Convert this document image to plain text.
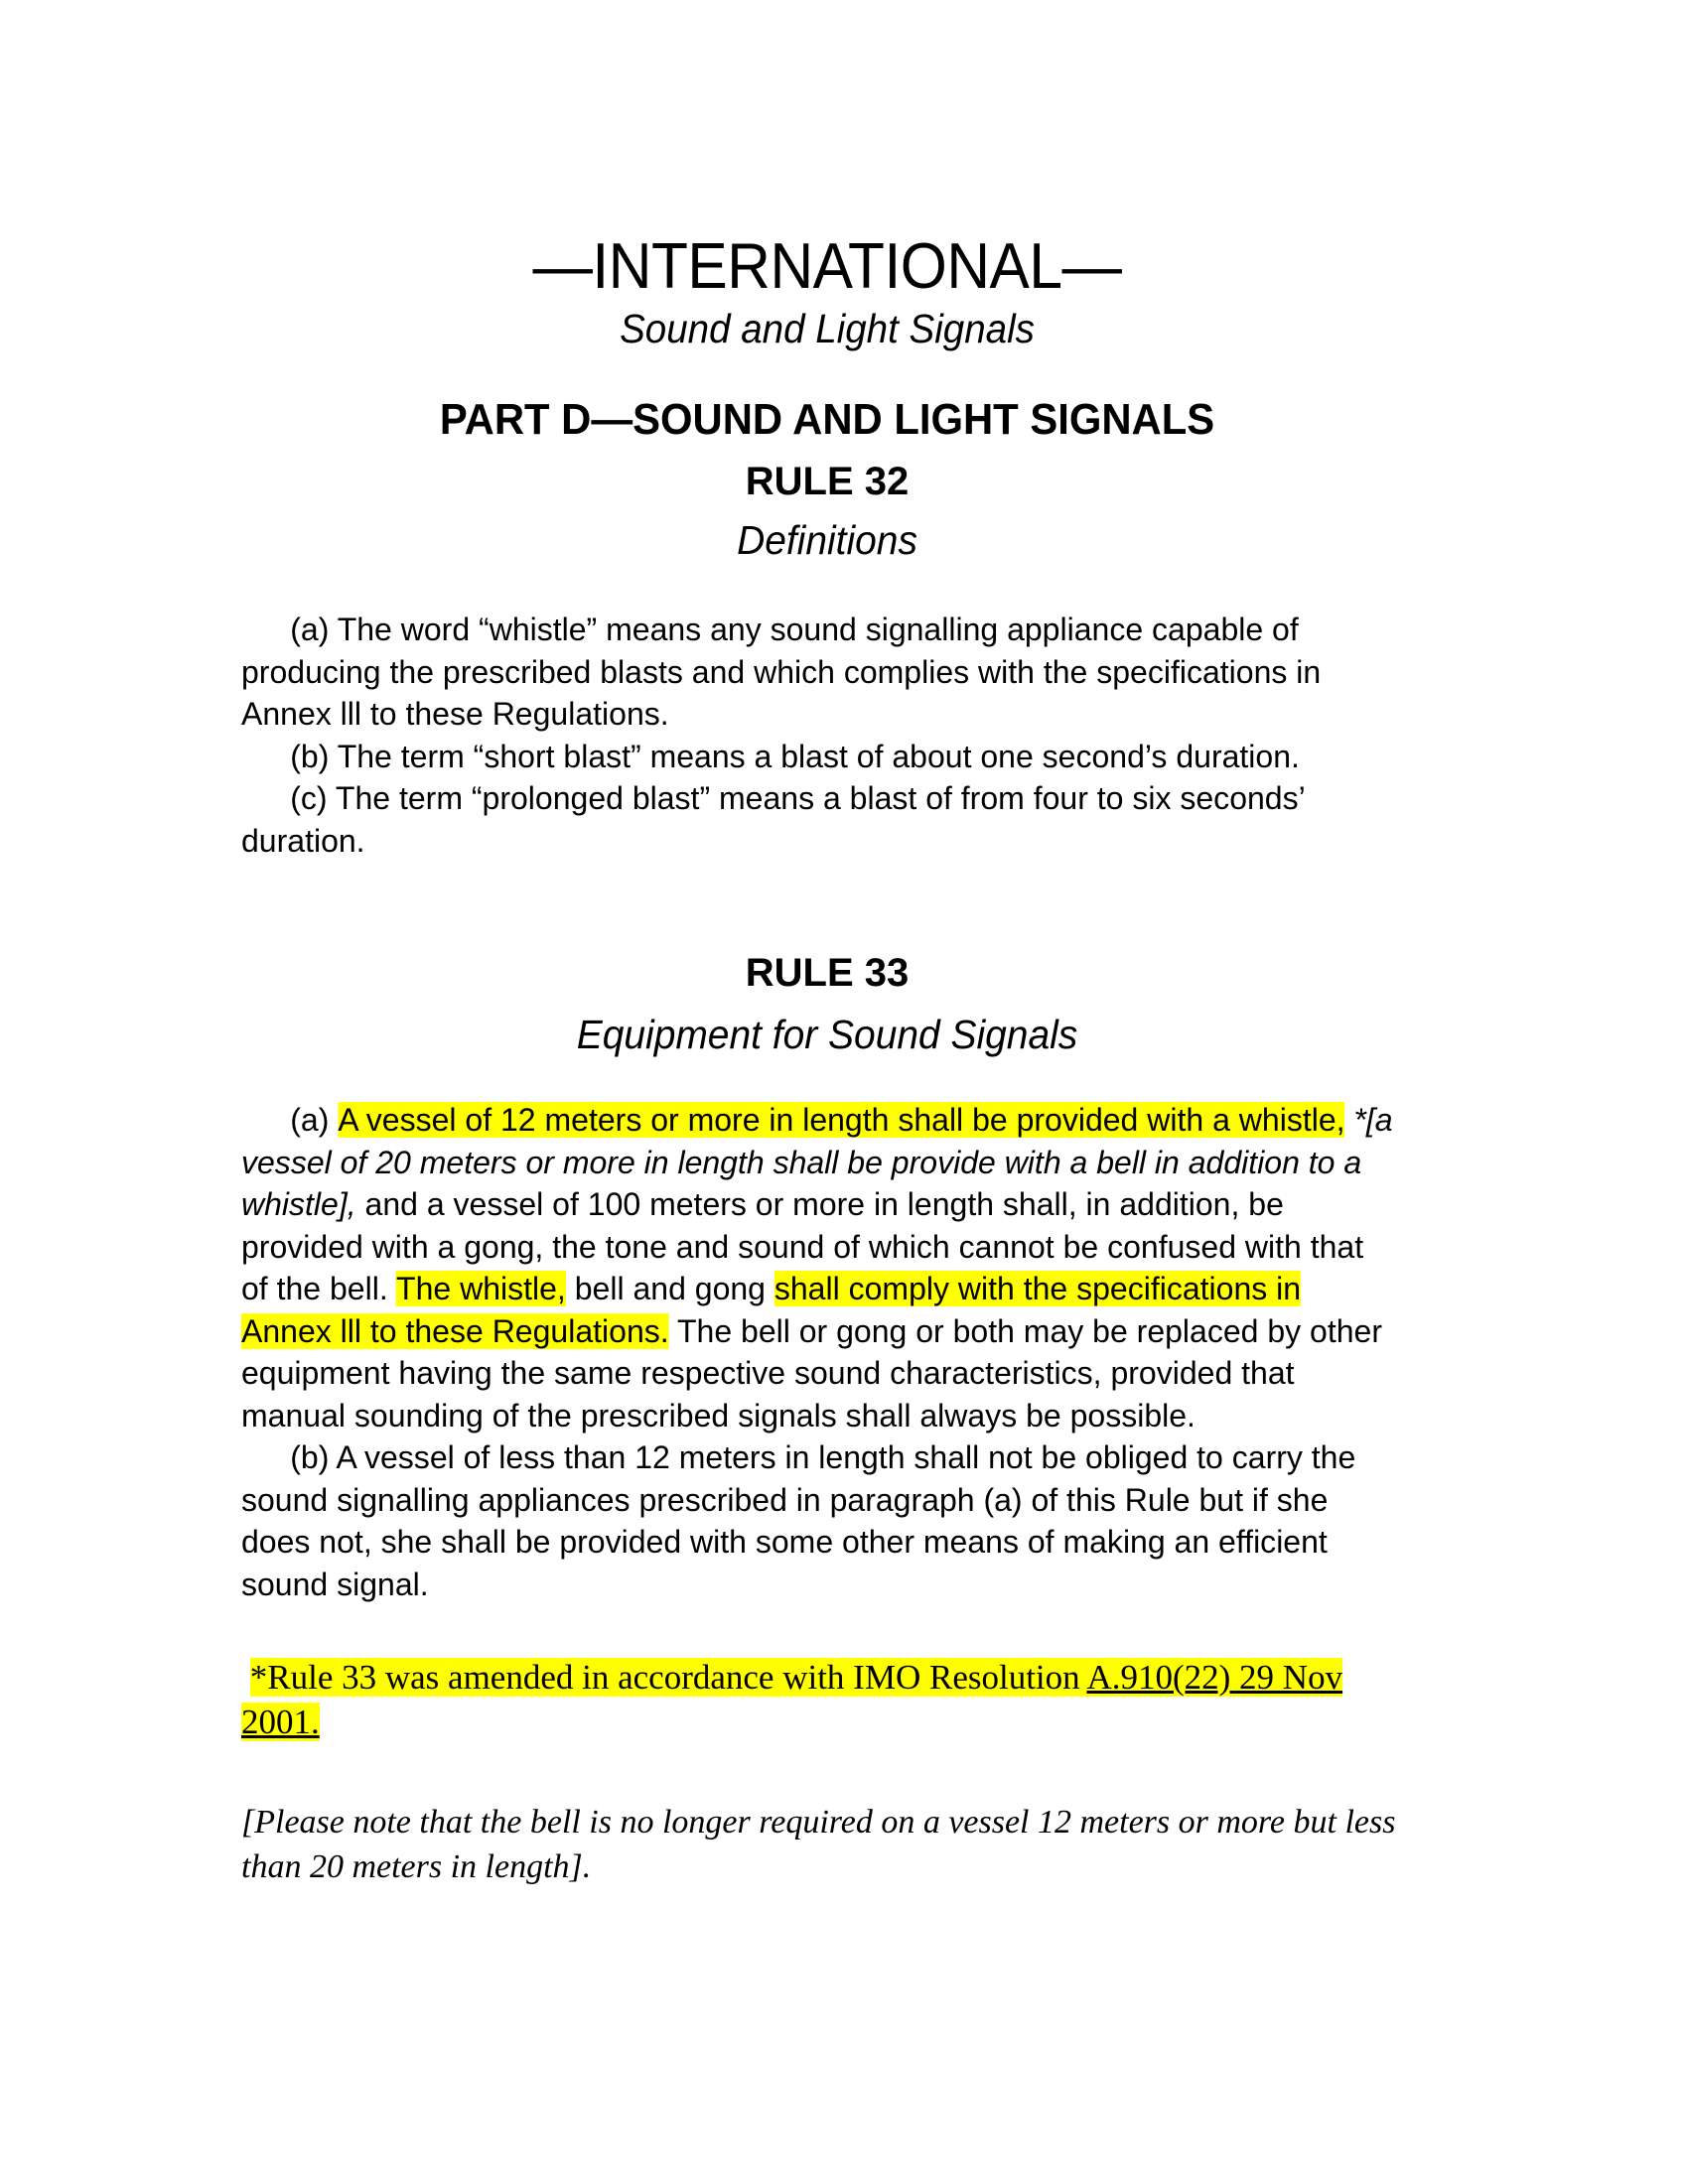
—INTERNATIONAL—
Sound and Light Signals
PART D—SOUND AND LIGHT SIGNALS
RULE 32
Definitions

(a) The word “whistle” means any sound signalling appliance capable of producing the prescribed blasts and which complies with the specifications in Annex lll to these Regulations.

(b) The term “short blast” means a blast of about one second’s duration.

(c) The term “prolonged blast” means a blast of from four to six seconds’ duration.

RULE 33
Equipment for Sound Signals

(a) A vessel of 12 meters or more in length shall be provided with a whistle, *[a vessel of 20 meters or more in length shall be provide with a bell in addition to a whistle], and a vessel of 100 meters or more in length shall, in addition, be provided with a gong, the tone and sound of which cannot be confused with that of the bell. The whistle, bell and gong shall comply with the specifications in Annex lll to these Regulations. The bell or gong or both may be replaced by other equipment having the same respective sound characteristics, provided that manual sounding of the prescribed signals shall always be possible.

(b) A vessel of less than 12 meters in length shall not be obliged to carry the sound signalling appliances prescribed in paragraph (a) of this Rule but if she does not, she shall be provided with some other means of making an efficient sound signal.

*Rule 33 was amended in accordance with IMO Resolution A.910(22) 29 Nov 2001.

[Please note that the bell is no longer required on a vessel 12 meters or more but less than 20 meters in length].
